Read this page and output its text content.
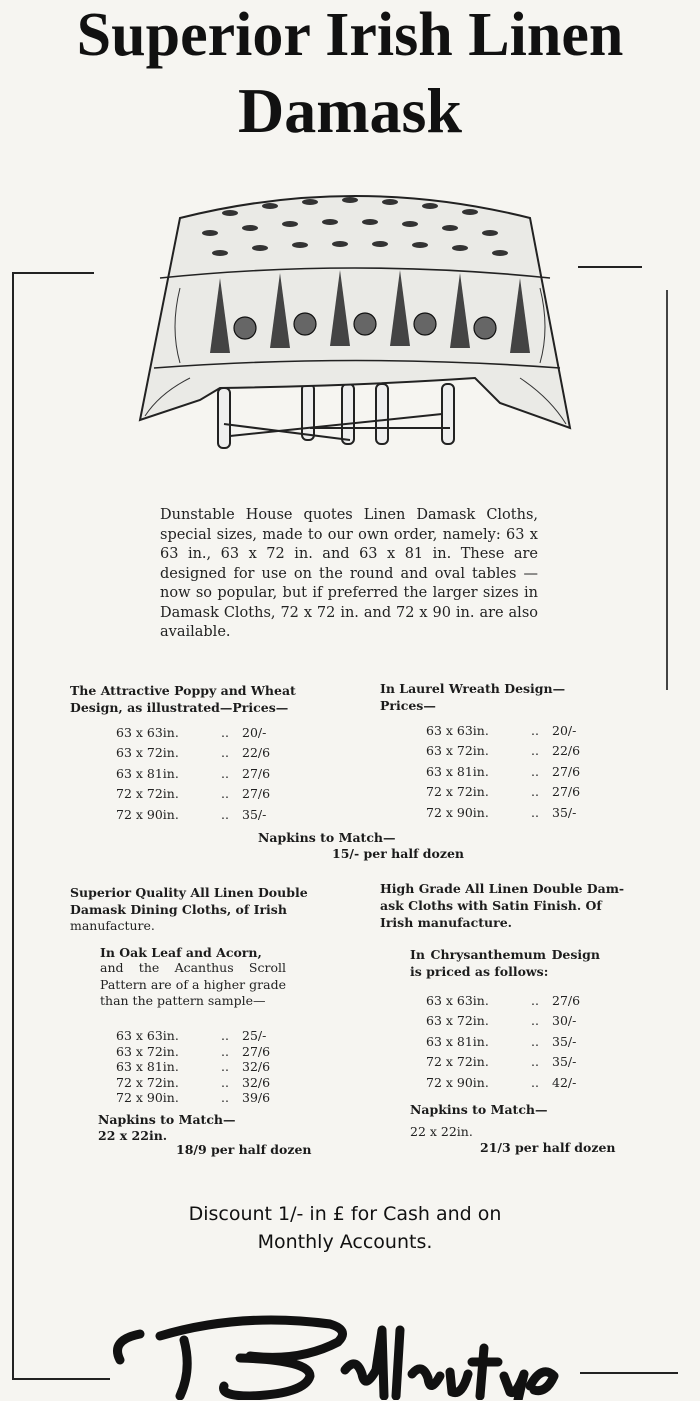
Superior Irish Linen
Damask
Dunstable House quotes Linen Damask Cloths, special sizes, made to our own order, namely: 63 x 63 in., 63 x 72 in. and 63 x 81 in. These are designed for use on the round and oval tables —now so popular, but if preferred the larger sizes in Damask Cloths, 72 x 72 in. and 72 x 90 in. are also available.
The Attractive Poppy and Wheat
Design, as illustrated—Prices—
63 x 63in.	..	20/-
63 x 72in.	..	22/6
63 x 81in.	..	27/6
72 x 72in.	..	27/6
72 x 90in.	..	35/-
In Laurel Wreath Design—
Prices—
63 x 63in.	..	20/-
63 x 72in.	..	22/6
63 x 81in.	..	27/6
72 x 72in.	..	27/6
72 x 90in.	..	35/-
Napkins to Match—
15/- per half dozen
Superior Quality All Linen Double
Damask Dining Cloths, of Irish
manufacture.
In Oak Leaf and Acorn,
and the Acanthus Scroll Pattern are of a higher grade than the pattern sample—
63 x 63in.	..	25/-
63 x 72in.	..	27/6
63 x 81in.	..	32/6
72 x 72in.	..	32/6
72 x 90in.	..	39/6
Napkins to Match—
22 x 22in.
18/9 per half dozen
High Grade All Linen Double Dam-
ask Cloths with Satin Finish. Of
Irish manufacture.
In Chrysanthemum Design is priced as follows:
63 x 63in.	..	27/6
63 x 72in.	..	30/-
63 x 81in.	..	35/-
72 x 72in.	..	35/-
72 x 90in.	..	42/-
Napkins to Match—
22 x 22in.
21/3 per half dozen
Discount 1/- in £ for Cash and on
Monthly Accounts.
